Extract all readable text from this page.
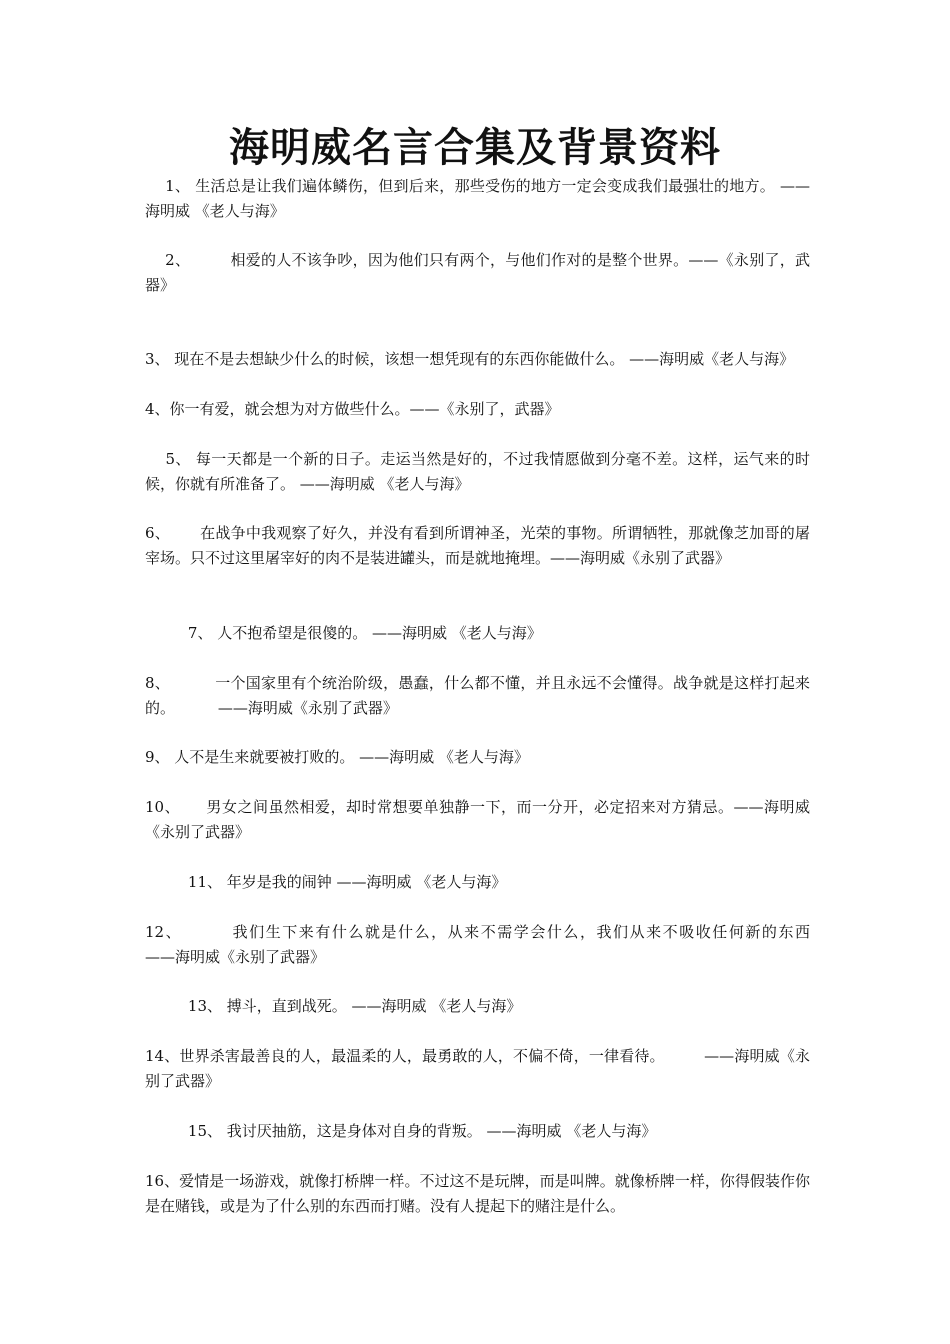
海明威名言合集及背景资料
1、 生活总是让我们遍体鳞伤，但到后来，那些受伤的地方一定会变成我们最强壮的地方。 ——海明威 《老人与海》
2、        相爱的人不该争吵，因为他们只有两个，与他们作对的是整个世界。——《永别了，武器》
3、 现在不是去想缺少什么的时候，该想一想凭现有的东西你能做什么。 ——海明威《老人与海》
4、你一有爱，就会想为对方做些什么。——《永别了，武器》
5、 每一天都是一个新的日子。走运当然是好的，不过我情愿做到分毫不差。这样，运气来的时候，你就有所准备了。 ——海明威 《老人与海》
6、      在战争中我观察了好久，并没有看到所谓神圣，光荣的事物。所谓牺牲，那就像芝加哥的屠宰场。只不过这里屠宰好的肉不是装进罐头，而是就地掩埋。——海明威《永别了武器》
7、 人不抱希望是很傻的。 ——海明威 《老人与海》
8、         一个国家里有个统治阶级，愚蠢，什么都不懂，并且永远不会懂得。战争就是这样打起来的。         ——海明威《永别了武器》
9、 人不是生来就要被打败的。 ——海明威 《老人与海》
10、     男女之间虽然相爱，却时常想要单独静一下，而一分开，必定招来对方猜忌。——海明威《永别了武器》
11、 年岁是我的闹钟 ——海明威 《老人与海》
12、        我们生下来有什么就是什么，从来不需学会什么，我们从来不吸收任何新的东西         ——海明威《永别了武器》
13、 搏斗，直到战死。 ——海明威 《老人与海》
14、世界杀害最善良的人，最温柔的人，最勇敢的人，不偏不倚，一律看待。        ——海明威《永别了武器》
15、 我讨厌抽筋，这是身体对自身的背叛。 ——海明威 《老人与海》
16、爱情是一场游戏，就像打桥牌一样。不过这不是玩牌，而是叫牌。就像桥牌一样，你得假装作你是在赌钱，或是为了什么别的东西而打赌。没有人提起下的赌注是什么。
